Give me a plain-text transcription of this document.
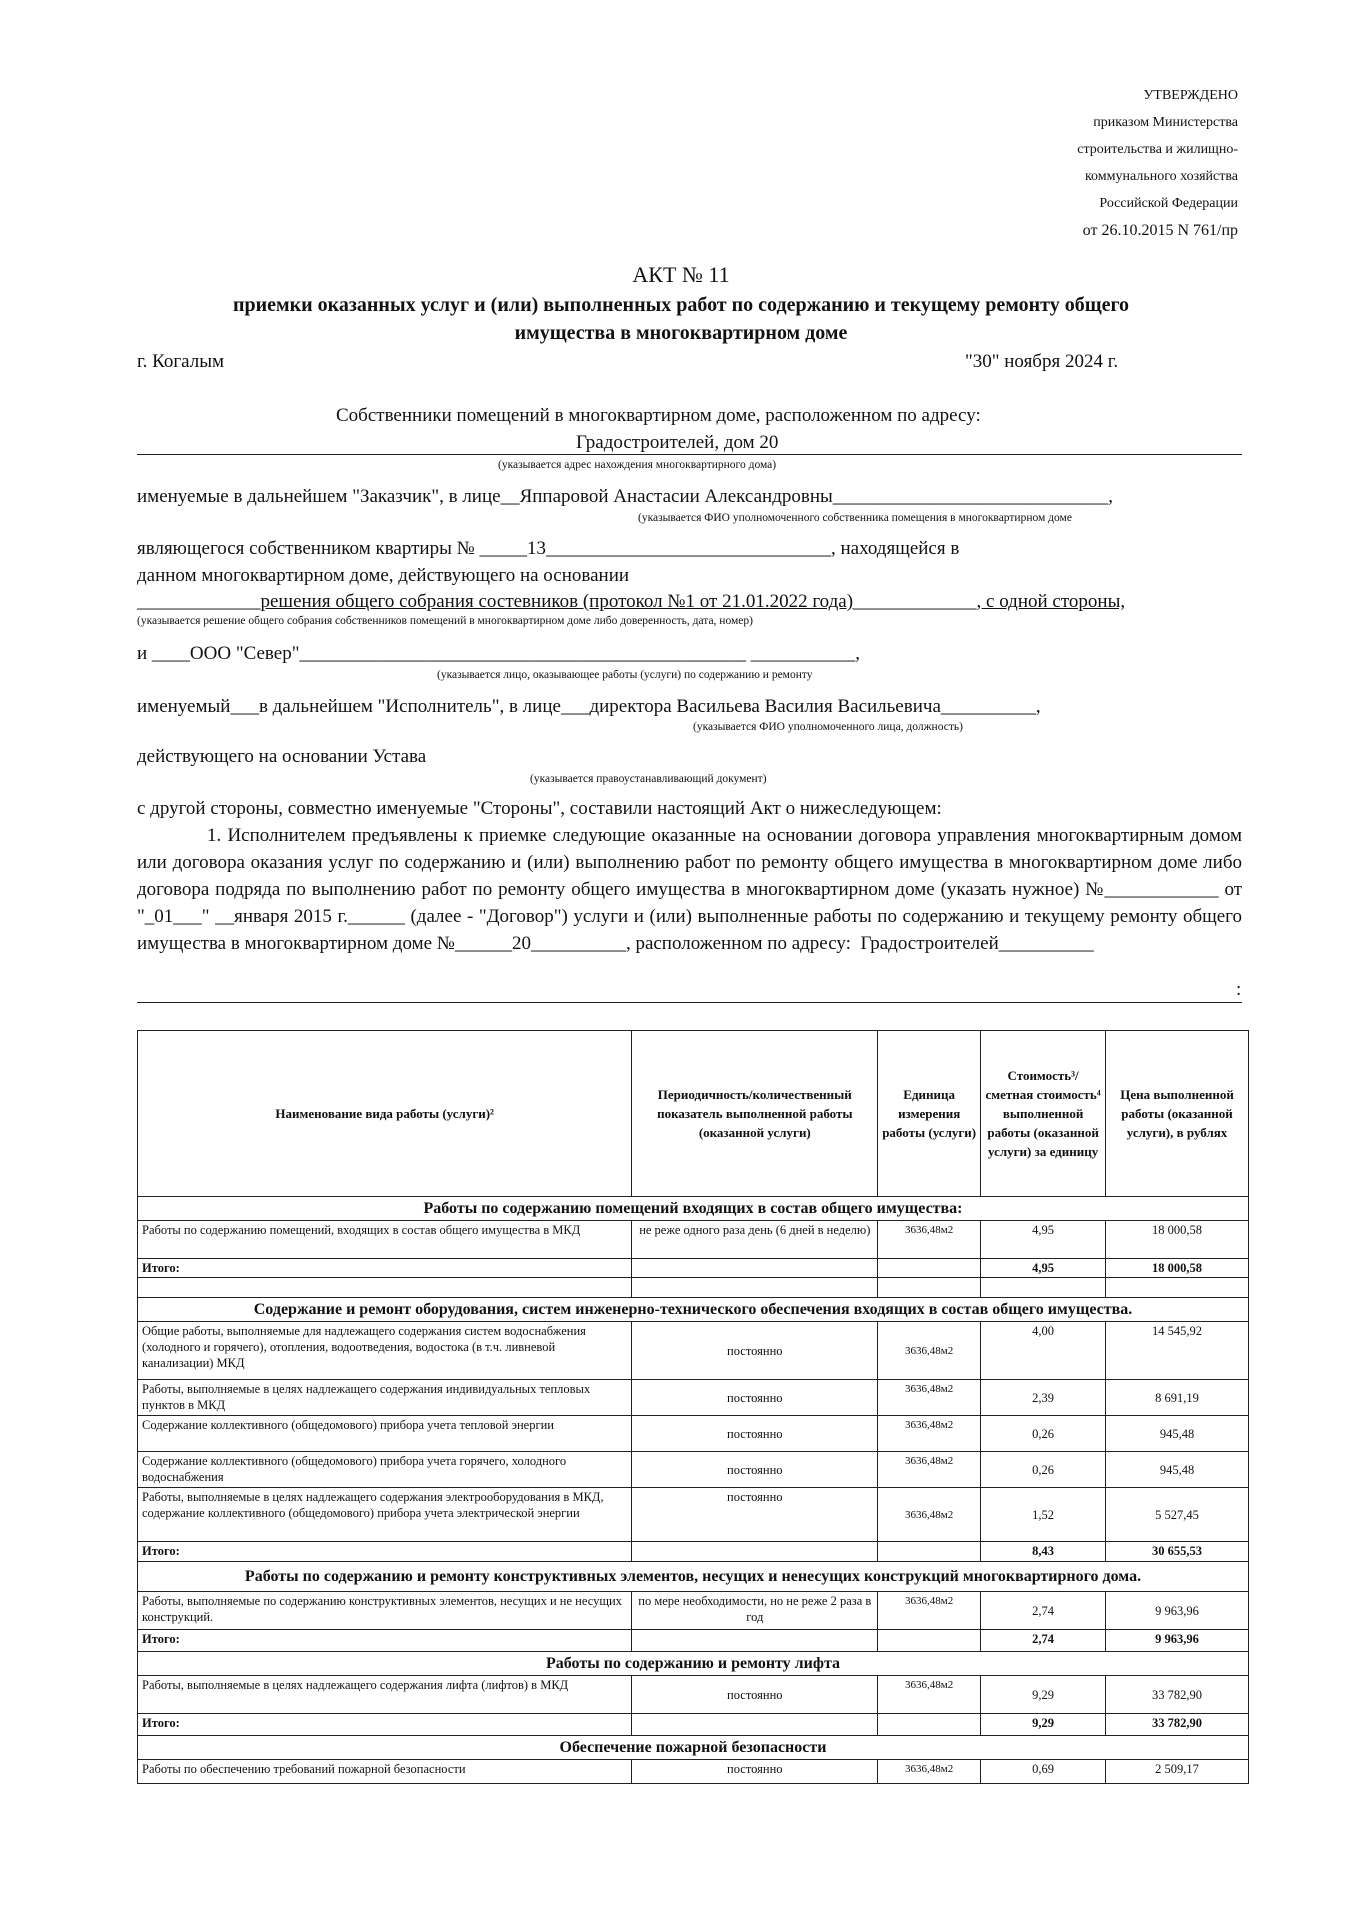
УТВЕРЖДЕНО
приказом Министерства
строительства и жилищно-
коммунального хозяйства
Российской Федерации
от 26.10.2015 N 761/пр
АКТ № 11
приемки оказанных услуг и (или) выполненных работ по содержанию и текущему ремонту общего
имущества в многоквартирном доме
г. Когалым	"30" ноября 2024 г.
Собственники помещений в многоквартирном доме, расположенном по адресу:
Градостроителей, дом 20
(указывается адрес нахождения многоквартирного дома)
именуемые в дальнейшем "Заказчик", в лице__Яппаровой Анастасии Александровны_____________________________,
(указывается ФИО уполномоченного собственника помещения в многоквартирном доме
являющегося собственником квартиры № _____13______________________________, находящейся в
данном многоквартирном доме, действующего на основании
_____________решения общего собрания состевников (протокол №1 от 21.01.2022 года)_____________, с одной стороны,
(указывается решение общего собрания собственников помещений в многоквартирном доме либо доверенность, дата, номер)
и ____ООО "Север"_______________________________________________ ___________,
(указывается лицо, оказывающее работы (услуги) по содержанию и ремонту
именуемый___в дальнейшем "Исполнитель", в лице___директора Васильева Василия Васильевича__________,
(указывается ФИО уполномоченного лица, должность)
действующего на основании Устава
(указывается правоустанавливающий документ)
с другой стороны, совместно именуемые "Стороны", составили настоящий Акт о нижеследующем:
1. Исполнителем предъявлены к приемке следующие оказанные на основании договора управления многоквартирным домом или договора оказания услуг по содержанию и (или) выполнению работ по ремонту общего имущества в многоквартирном доме либо договора подряда по выполнению работ по ремонту общего имущества в многоквартирном доме (указать нужное) №____________ от "_01___" __января 2015 г.______ (далее - "Договор") услуги и (или) выполненные работы по содержанию и текущему ремонту общего имущества в многоквартирном доме №______20__________, расположенном по адресу: Градостроителей__________
:
Наименование вида работы (услуги)²	Периодичность/количественный показатель выполненной работы (оказанной услуги)	Единица измерения работы (услуги)	Стоимость³/сметная стоимость⁴ выполненной работы (оказанной услуги) за единицу	Цена выполненной работы (оказанной услуги), в рублях
Работы по содержанию помещений входящих в состав общего имущества:				
Работы по содержанию помещений, входящих в состав общего имущества в МКД	не реже одного раза день (6 дней в неделю)	3636,48м2	4,95	18 000,58
Итого:			4,95	18 000,58

Содержание и ремонт оборудования, систем инженерно-технического обеспечения входящих в состав общего имущества.				
Общие работы, выполняемые для надлежащего содержания систем водоснабжения (холодного и горячего), отопления, водоотведения, водостока (в т.ч. ливневой канализации) МКД	постоянно	3636,48м2	4,00	14 545,92
Работы, выполняемые в целях надлежащего содержания индивидуальных тепловых пунктов в МКД	постоянно	3636,48м2	2,39	8 691,19
Содержание коллективного (общедомового) прибора учета тепловой энергии	постоянно	3636,48м2	0,26	945,48
Содержание коллективного (общедомового) прибора учета горячего, холодного водоснабжения	постоянно	3636,48м2	0,26	945,48
Работы, выполняемые в целях надлежащего содержания электрооборудования в МКД, содержание коллективного (общедомового) прибора учета электрической энергии	постоянно	3636,48м2	1,52	5 527,45
Итого:			8,43	30 655,53
Работы по содержанию и ремонту конструктивных элементов, несущих и ненесущих конструкций многоквартирного дома.				
Работы, выполняемые по содержанию конструктивных элементов, несущих и не несущих конструкций.	по мере необходимости, но не реже 2 раза в год	3636,48м2	2,74	9 963,96
Итого:			2,74	9 963,96
Работы по содержанию и ремонту лифта				
Работы, выполняемые в целях надлежащего содержания лифта (лифтов) в МКД	постоянно	3636,48м2	9,29	33 782,90
Итого:			9,29	33 782,90
Обеспечение пожарной безопасности				
Работы по обеспечению требований пожарной безопасности	постоянно	3636,48м2	0,69	2 509,17
